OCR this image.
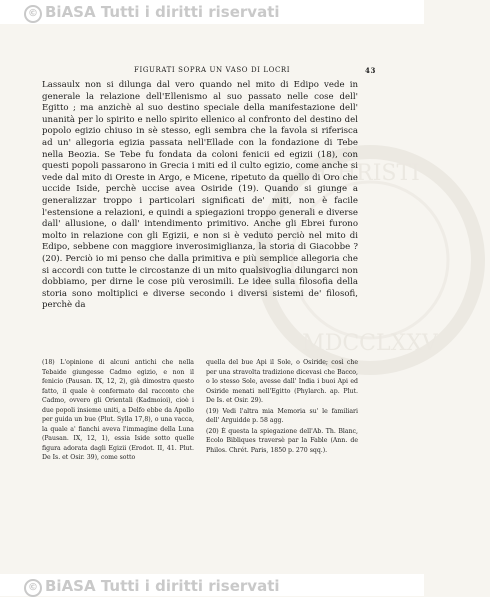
© BiASA Tutti i diritti riservati
CHRISTI
MDCCLXXV
FIGURATI SOPRA UN VASO DI LOCRI	43

Lassaulx non si dilunga dal vero quando nel mito di Edipo vede in generale la relazione dell'Ellenismo al suo passato nelle cose dell' Egitto ; ma anzichè al suo destino speciale della manifestazione dell' unanità per lo spirito e nello spirito ellenico al confronto del destino del popolo egizio chiuso in sè stesso, egli sembra che la favola si riferisca ad un' allegoria egizia passata nell'Ellade con la fondazione di Tebe nella Beozia. Se Tebe fu fondata da coloni fenicii ed egizii (18), con questi popoli passarono in Grecia i miti ed il culto egizio, come anche si vede dal mito di Oreste in Argo, e Micene, ripetuto da quello di Oro che uccide Iside, perchè uccise avea Osiride (19). Quando si giunge a generalizzar troppo i particolari significati de' miti, non è facile l'estensione a relazioni, e quindi a spiegazioni troppo generali e diverse dall' allusione, o dall' intendimento primitivo. Anche gli Ebrei furono molto in relazione con gli Egizii, e non si è veduto perciò nel mito di Edipo, sebbene con maggiore inverosimiglianza, la storia di Giacobbe ? (20). Perciò io mi penso che dalla primitiva e più semplice allegoria che si accordi con tutte le circostanze di un mito qualsivoglia dilungarci non dobbiamo, per dirne le cose più verosimili. Le idee sulla filosofia della storia sono moltiplici e diverse secondo i diversi sistemi de' filosofi, perchè da

(18) L'opinione di alcuni antichi che nella Tebaide giungesse Cadmo egizio, e non il fenicio (Pausan. IX, 12, 2), già dimostra questo fatto, il quale è confermato dal racconto che Cadmo, ovvero gli Orientali (Kadmoioi), cioè i due popoli insieme uniti, a Delfo ebbe da Apollo per guida un bue (Plut. Sylla 17,8), o una vacca, la quale a' fianchi aveva l'immagine della Luna (Pausan. IX, 12, 1), essia Iside sotto quelle figura adorata dagli Egizii (Erodot. II, 41. Plut. De Is. et Osir. 39), come sotto

quella del bue Api il Sole, o Osiride; così che per una stravolta tradizione dicevasi che Bacco, o lo stesso Sole, avesse dall' India i buoi Api ed Osiride menati nell'Egitto (Phylarch. ap. Plut. De Is. et Osir. 29).

(19) Vedi l'altra mia Memoria su' le familiari dell' Arguidde p. 58 agg.

(20) È questa la spiegazione dell'Ab. Th. Blanc, Ecolo Bibliques traversè par la Fable (Ann. de Philos. Chrét. Paris, 1850 p. 270 sqq.).

© BiASA Tutti i diritti riservati
